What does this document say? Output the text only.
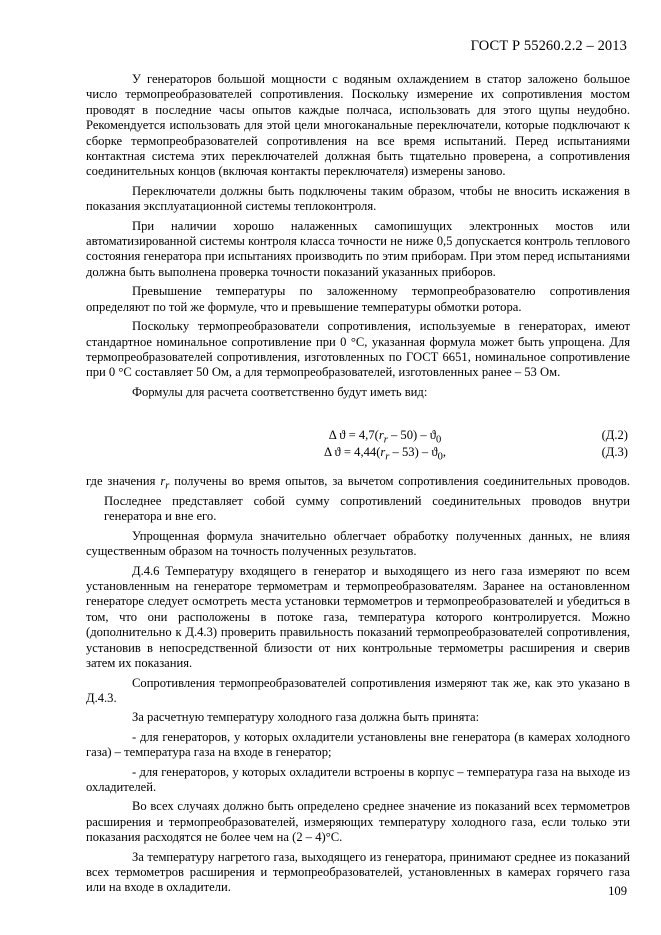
ГОСТ Р 55260.2.2 – 2013

У генераторов большой мощности с водяным охлаждением в статор заложено большое число термопреобразователей сопротивления. Поскольку измерение их сопротивления мостом проводят в последние часы опытов каждые полчаса, использовать для этого щупы неудобно. Рекомендуется использовать для этой цели многоканальные переключатели, которые подключают к сборке термопреобразователей сопротивления на все время испытаний. Перед испытаниями контактная система этих переключателей должная быть тщательно проверена, а сопротивления соединительных концов (включая контакты переключателя) измерены заново.

Переключатели должны быть подключены таким образом, чтобы не вносить искажения в показания эксплуатационной системы теплоконтроля.

При наличии хорошо налаженных самопишущих электронных мостов или автоматизированной системы контроля класса точности не ниже 0,5 допускается контроль теплового состояния генератора при испытаниях производить по этим приборам. При этом перед испытаниями должна быть выполнена проверка точности показаний указанных приборов.

Превышение температуры по заложенному термопреобразователю сопротивления определяют по той же формуле, что и превышение температуры обмотки ротора.

Поскольку термопреобразователи сопротивления, используемые в генераторах, имеют стандартное номинальное сопротивление при 0 °С, указанная формула может быть упрощена. Для термопреобразователей сопротивления, изготовленных по ГОСТ 6651, номинальное сопротивление при 0 °С составляет 50 Ом, а для термопреобразователей, изготовленных ранее – 53 Ом.

Формулы для расчета соответственно будут иметь вид:

Δ $ϑ = 4,7(r_r - 50) - ϑ_0$	(Д.2)
Δ $ϑ = 4,44(r_r - 53) - ϑ_0$,	(Д.3)

где значения $r_r$ получены во время опытов, за вычетом сопротивления соединительных проводов. Последнее представляет собой сумму сопротивлений соединительных проводов внутри генератора и вне его.

Упрощенная формула значительно облегчает обработку полученных данных, не влияя существенным образом на точность полученных результатов.

Д.4.6 Температуру входящего в генератор и выходящего из него газа измеряют по всем установленным на генераторе термометрам и термопреобразователям. Заранее на остановленном генераторе следует осмотреть места установки термометров и термопреобразователей и убедиться в том, что они расположены в потоке газа, температура которого контролируется. Можно (дополнительно к Д.4.3) проверить правильность показаний термопреобразователей сопротивления, установив в непосредственной близости от них контрольные термометры расширения и сверив затем их показания.

Сопротивления термопреобразователей сопротивления измеряют так же, как это указано в Д.4.3.

За расчетную температуру холодного газа должна быть принята:

- для генераторов, у которых охладители установлены вне генератора (в камерах холодного газа) – температура газа на входе в генератор;

- для генераторов, у которых охладители встроены в корпус – температура газа на выходе из охладителей.

Во всех случаях должно быть определено среднее значение из показаний всех термометров расширения и термопреобразователей, измеряющих температуру холодного газа, если только эти показания расходятся не более чем на (2 – 4)°С.

За температуру нагретого газа, выходящего из генератора, принимают среднее из показаний всех термометров расширения и термопреобразователей, установленных в камерах горячего газа или на входе в охладители.	109
